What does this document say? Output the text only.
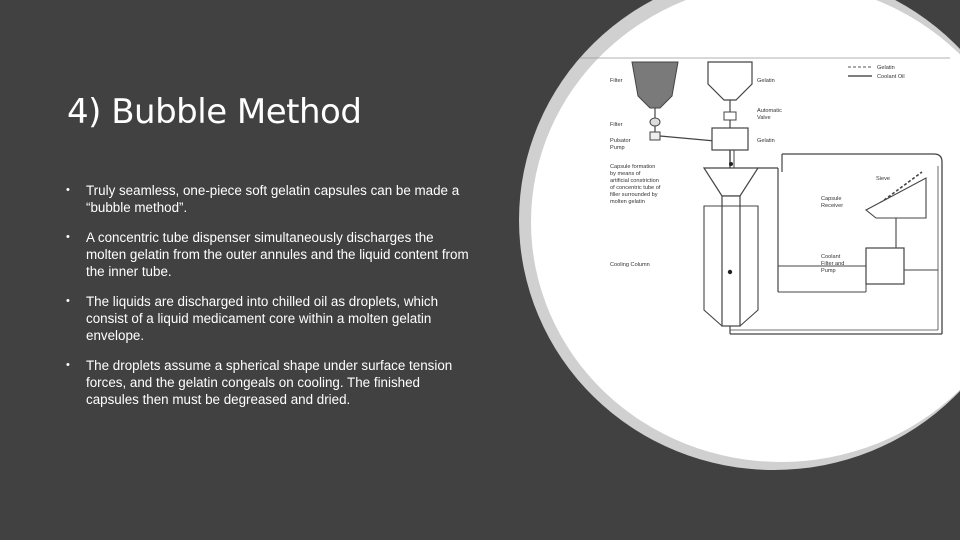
4) Bubble Method
• Truly seamless, one-piece soft gelatin capsules can be made a “bubble method”.
• A concentric tube dispenser simultaneously discharges the molten gelatin from the outer annules and the liquid content from the inner tube.
• The liquids are discharged into chilled oil as droplets, which consist of a liquid medicament core within a molten gelatin envelope.
• The droplets assume a spherical shape under surface tension forces, and the gelatin congeals on cooling. The finished capsules then must be degreased and dried.
Gelatin
Coolant Oil
Filter	Gelatin
Automatic
Valve
Filter
Pulsator
Pump
Gelatin
Capsule formation
by means of
artificial constriction
of concentric tube of
filler surrounded by
molten gelatin
Cooling Column
Sieve
Capsule
Receiver
Coolant
Filter and
Pump
